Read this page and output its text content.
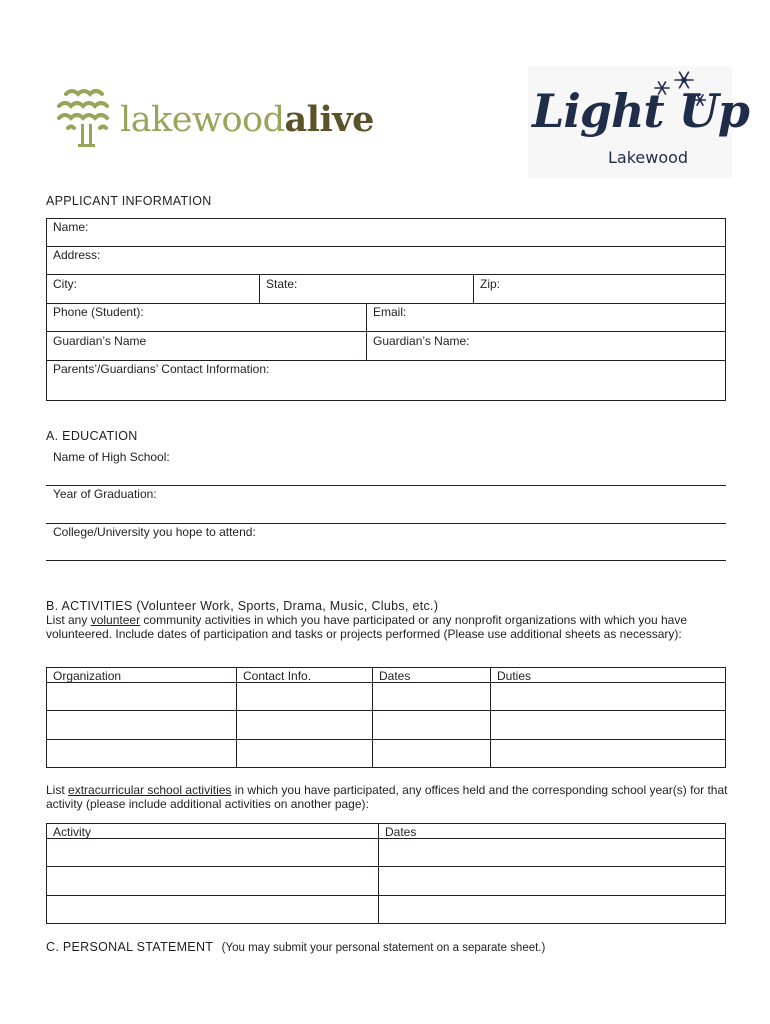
lakewoodalive	Light Up
Lakewood
APPLICANT INFORMATION
Name:
Address:
City:	State:	Zip:
Phone (Student):	Email:
Guardian’s Name	Guardian’s Name:
Parents’/Guardians’ Contact Information:
A. EDUCATION
Name of High School:
Year of Graduation:
College/University you hope to attend:
B. ACTIVITIES (Volunteer Work, Sports, Drama, Music, Clubs, etc.)
List any volunteer community activities in which you have participated or any nonprofit organizations with which you have volunteered. Include dates of participation and tasks or projects performed (Please use additional sheets as necessary):
Organization	Contact Info.	Dates	Duties
List extracurricular school activities in which you have participated, any offices held and the corresponding school year(s) for that activity (please include additional activities on another page):
Activity	Dates
C. PERSONAL STATEMENT (You may submit your personal statement on a separate sheet.)
